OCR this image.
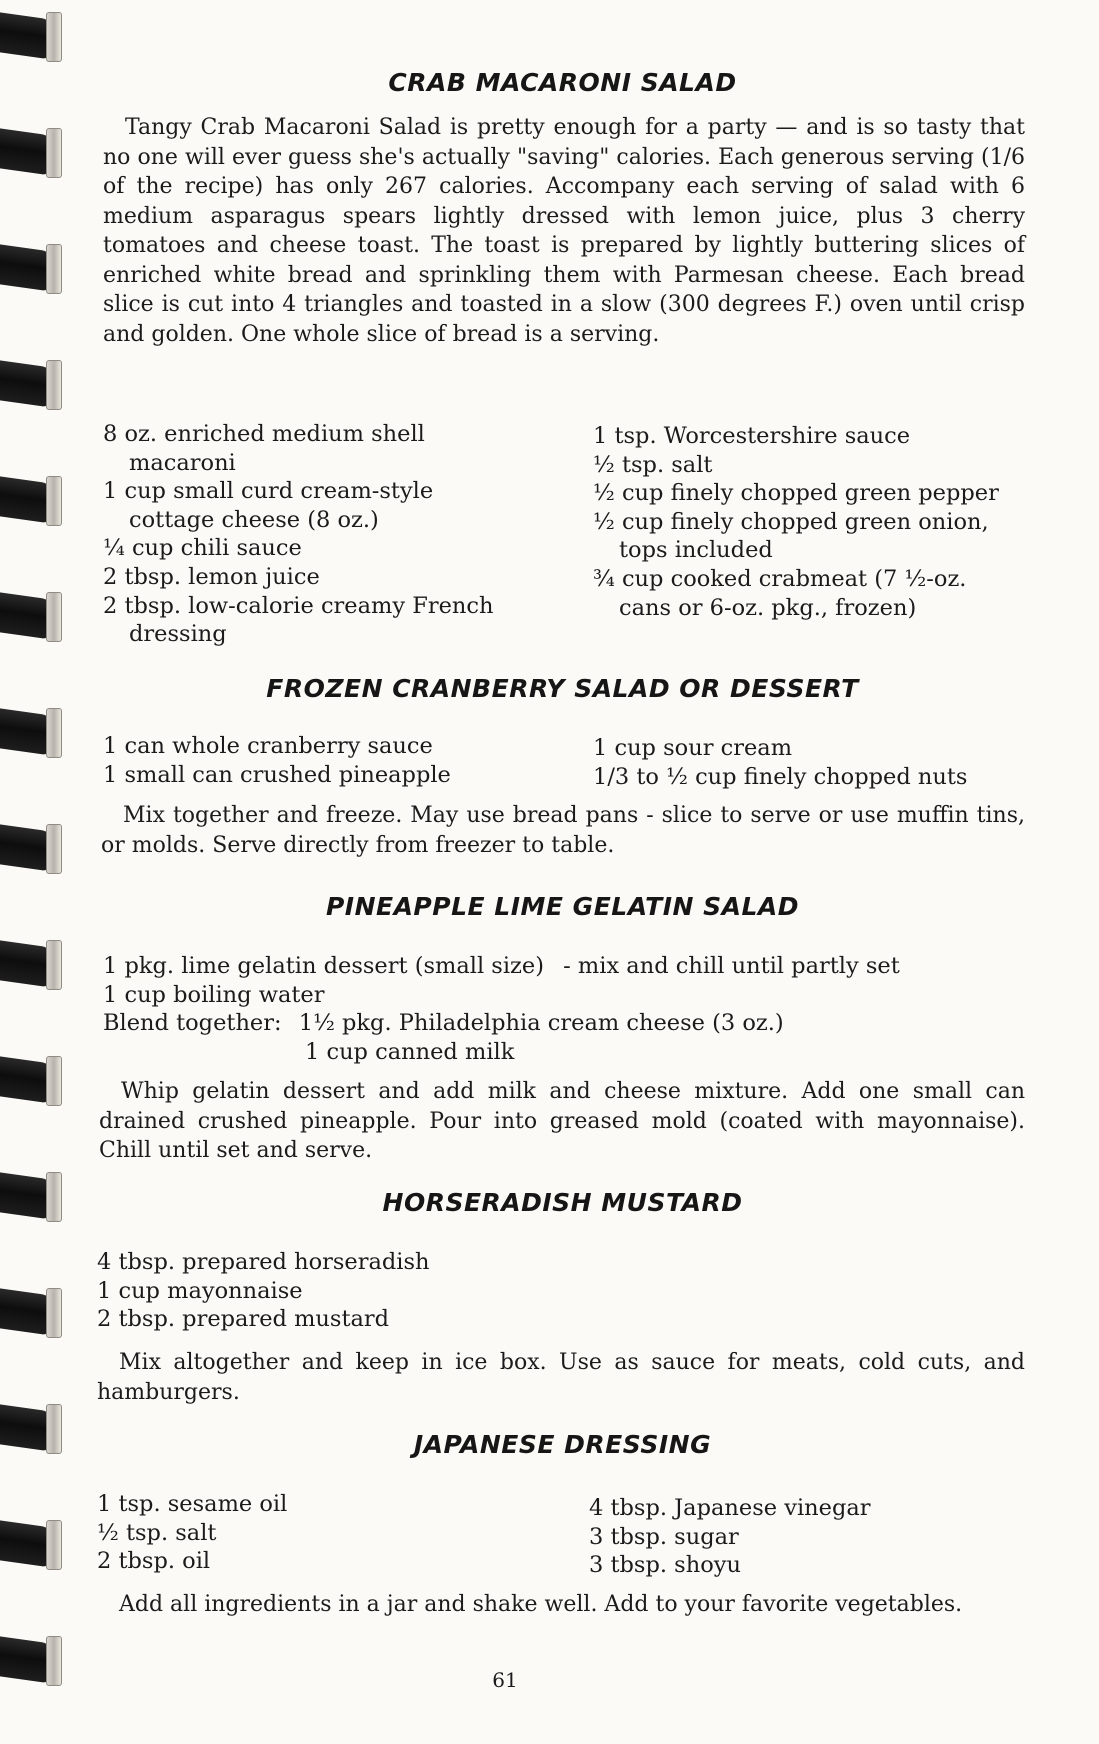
CRAB MACARONI SALAD

Tangy Crab Macaroni Salad is pretty enough for a party — and is so tasty that no one will ever guess she's actually "saving" calories. Each generous serving (1/6 of the recipe) has only 267 calories. Accompany each serving of salad with 6 medium asparagus spears lightly dressed with lemon juice, plus 3 cherry tomatoes and cheese toast. The toast is prepared by lightly buttering slices of enriched white bread and sprinkling them with Parmesan cheese. Each bread slice is cut into 4 triangles and toasted in a slow (300 degrees F.) oven until crisp and golden. One whole slice of bread is a serving.

8 oz. enriched medium shell macaroni
1 cup small curd cream-style cottage cheese (8 oz.)
¼ cup chili sauce
2 tbsp. lemon juice
2 tbsp. low-calorie creamy French dressing
1 tsp. Worcestershire sauce
½ tsp. salt
½ cup finely chopped green pepper
½ cup finely chopped green onion, tops included
¾ cup cooked crabmeat (7 ½-oz. cans or 6-oz. pkg., frozen)
FROZEN CRANBERRY SALAD OR DESSERT
1 can whole cranberry sauce
1 small can crushed pineapple
1 cup sour cream
1/3 to ½ cup finely chopped nuts

Mix together and freeze. May use bread pans - slice to serve or use muffin tins, or molds. Serve directly from freezer to table.

PINEAPPLE LIME GELATIN SALAD
1 pkg. lime gelatin dessert (small size) - mix and chill until partly set
1 cup boiling water
Blend together: 1½ pkg. Philadelphia cream cheese (3 oz.)
1 cup canned milk

Whip gelatin dessert and add milk and cheese mixture. Add one small can drained crushed pineapple. Pour into greased mold (coated with mayonnaise). Chill until set and serve.

HORSERADISH MUSTARD
4 tbsp. prepared horseradish
1 cup mayonnaise
2 tbsp. prepared mustard

Mix altogether and keep in ice box. Use as sauce for meats, cold cuts, and hamburgers.

JAPANESE DRESSING
1 tsp. sesame oil
½ tsp. salt
2 tbsp. oil
4 tbsp. Japanese vinegar
3 tbsp. sugar
3 tbsp. shoyu

Add all ingredients in a jar and shake well. Add to your favorite vegetables.

61
